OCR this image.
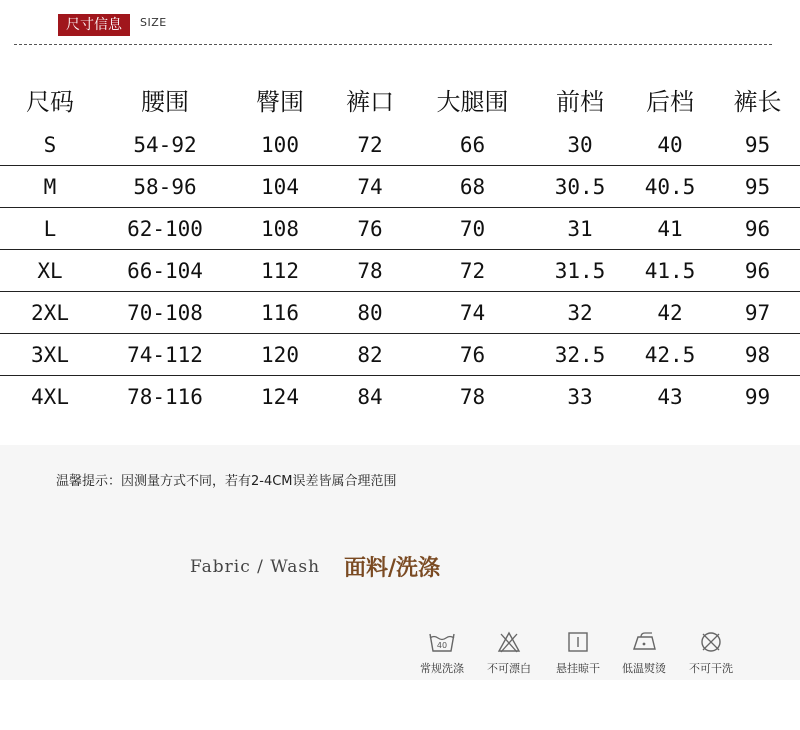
尺寸信息	SIZE
尺码	腰围	臀围	裤口	大腿围	前档	后档	裤长
S	54-92	100	72	66	30	40	95
M	58-96	104	74	68	30.5	40.5	95
L	62-100	108	76	70	31	41	96
XL	66-104	112	78	72	31.5	41.5	96
2XL	70-108	116	80	74	32	42	97
3XL	74-112	120	82	76	32.5	42.5	98
4XL	78-116	124	84	78	33	43	99
温馨提示：因测量方式不同，若有2-4CM误差皆属合理范围
Fabric / Wash 面料/洗涤
40
常规洗涤	不可漂白	悬挂晾干	低温熨烫	不可干洗
